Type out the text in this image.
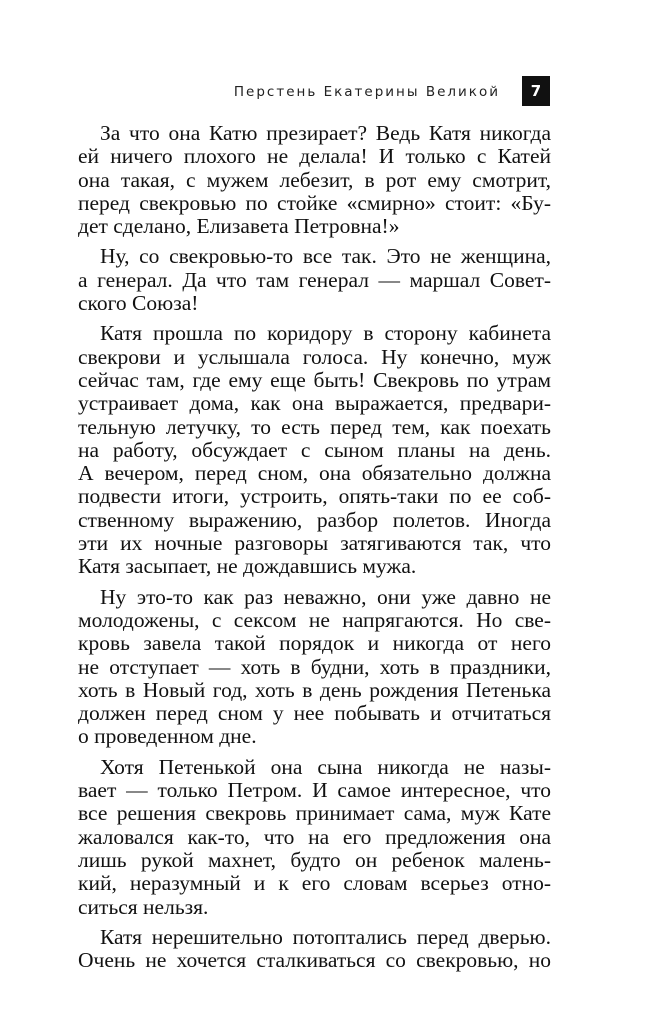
Перстень Екатерины Великой	7
За что она Катю презирает? Ведь Катя никогда
ей ничего плохого не делала! И только с Катей
она такая, с мужем лебезит, в рот ему смотрит,
перед свекровью по стойке «смирно» стоит: «Бу-
дет сделано, Елизавета Петровна!»
Ну, со свекровью-то все так. Это не женщина,
а генерал. Да что там генерал — маршал Совет-
ского Союза!
Катя прошла по коридору в сторону кабинета
свекрови и услышала голоса. Ну конечно, муж
сейчас там, где ему еще быть! Свекровь по утрам
устраивает дома, как она выражается, предвари-
тельную летучку, то есть перед тем, как поехать
на работу, обсуждает с сыном планы на день.
А вечером, перед сном, она обязательно должна
подвести итоги, устроить, опять-таки по ее соб-
ственному выражению, разбор полетов. Иногда
эти их ночные разговоры затягиваются так, что
Катя засыпает, не дождавшись мужа.
Ну это-то как раз неважно, они уже давно не
молодожены, с сексом не напрягаются. Но све-
кровь завела такой порядок и никогда от него
не отступает — хоть в будни, хоть в праздники,
хоть в Новый год, хоть в день рождения Петенька
должен перед сном у нее побывать и отчитаться
о проведенном дне.
Хотя Петенькой она сына никогда не назы-
вает — только Петром. И самое интересное, что
все решения свекровь принимает сама, муж Кате
жаловался как-то, что на его предложения она
лишь рукой махнет, будто он ребенок малень-
кий, неразумный и к его словам всерьез отно-
ситься нельзя.
Катя нерешительно потоптались перед дверью.
Очень не хочется сталкиваться со свекровью, но
